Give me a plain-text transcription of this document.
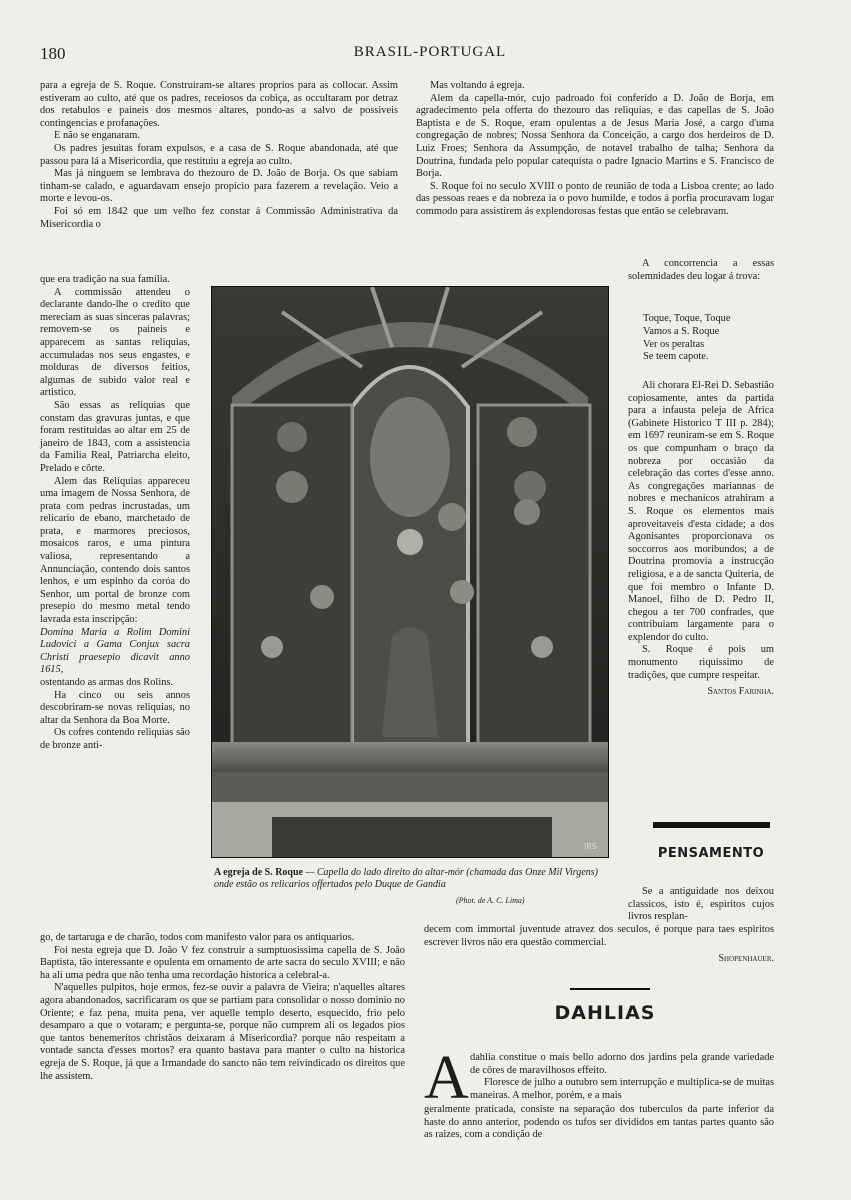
180	BRASIL-PORTUGAL

para a egreja de S. Roque. Construiram-se altares proprios para as collocar. Assim estiveram ao culto, até que os padres, receiosos da cobiça, as occultaram por detraz dos retabulos e paineis dos mesmos altares, pondo-as a salvo de possiveis contingencias e profanações.

E não se enganaram.

Os padres jesuitas foram expulsos, e a casa de S. Roque abandonada, até que passou para lá a Misericordia, que restituiu a egreja ao culto.

Mas já ninguem se lembrava do thezouro de D. João de Borja. Os que sabiam tinham-se calado, e aguardavam ensejo propicio para fazerem a revelação. Veio a morte e levou-os.

Foi só em 1842 que um velho fez constar á Commissão Administrativa da Misericordia o

que era tradição na sua familia.

A commissão attendeu o declarante dando-lhe o credito que mereciam as suas sinceras palavras; removem-se os paineis e apparecem as santas reliquias, accumuladas nos seus engastes, e molduras de diversos feitios, algumas de subido valor real e artistico.

São essas as reliquias que constam das gravuras juntas, e que foram restituidas ao altar em 25 de janeiro de 1843, com a assistencia da Familia Real, Patriarcha eleito, Prelado e côrte.

Alem das Reliquias appareceu uma imagem de Nossa Senhora, de prata com pedras incrustadas, um relicario de ebano, marchetado de prata, e marmores preciosos, mosaicos raros, e uma pintura valiosa, representando a Annunciação, contendo dois santos lenhos, e um espinho da coróa do Senhor, um portal de bronze com presepio do mesmo metal tendo lavrada esta inscripção:

Domina Maria a Rolim Domini Ludovici a Gama Conjux sacra Christi praesepio dicavit anno 1615,

ostentando as armas dos Rolins.

Ha cinco ou seis annos descobriram-se novas reliquias, no altar da Senhora da Boa Morte.

Os cofres contendo reliquias são de bronze anti-

go, de tartaruga e de charão, todos com manifesto valor para os antiquarios.

Foi nesta egreja que D. João V fez construir a sumptuosissima capella de S. João Baptista, tão interessante e opulenta em ornamento de arte sacra do seculo XVIII; e não ha ali uma pedra que não tenha uma recordação historica a celebral-a.

N'aquelles pulpitos, hoje ermos, fez-se ouvir a palavra de Vieira; n'aquelles altares agora abandonados, sacrificaram os que se partiam para consolidar o nosso dominio no Oriente; e faz pena, muita pena, ver aquelle templo deserto, esquecido, frio pelo desamparo a que o votaram; e pergunta-se, porque não cumprem ali os legados pios que tantos benemeritos christãos deixaram á Misericordia? porque não respeitam a vontade sancta d'esses mortos? era quanto bastava para manter o culto na historica egreja de S. Roque, já que a Irmandade do sancto não tem reivindicado os direitos que lhe assistem.

Mas voltando á egreja.

Alem da capella-mór, cujo padroado foi conferido a D. João de Borja, em agradecimento pela offerta do thezouro das reliquias, e das capellas de S. João Baptista e de S. Roque, eram opulentas a de Jesus Maria José, a cargo d'uma congregação de nobres; Nossa Senhora da Conceição, a cargo dos herdeiros de D. Luiz Froes; Senhora da Assumpção, de notavel trabalho de talha; Senhora da Doutrina, fundada pelo popular catequista o padre Ignacio Martins e S. Francisco de Borja.

S. Roque foi no seculo XVIII o ponto de reunião de toda a Lisboa crente; ao lado das pessoas reaes e da nobreza ia o povo humilde, e todos á porfia procuravam logar commodo para assistirem ás explendorosas festas que então se celebravam.

A concorrencia a essas solemnidades deu logar á trova:

Toque, Toque, Toque
Vamos a S. Roque
Ver os peraltas
Se teem capote.

Ali chorara El-Rei D. Sebastião copiosamente, antes da partida para a infausta peleja de Africa (Gabinete Historico T III p. 284); em 1697 reuniram-se em S. Roque os que compunham o braço da nobreza por occasião da celebração das cortes d'esse anno. As congregações mariannas de nobres e mechanicos atrahiram a S. Roque os elementos mais aproveitaveis d'esta cidade; a dos Agonisantes proporcionava os soccorros aos moribundos; a de Doutrina promovia a instrucção religiosa, e a de sancta Quiteria, de que foi membro o Infante D. Manoel, filho de D. Pedro II, chegou a ter 700 confrades, que contribuiam largamente para o explendor do culto.

S. Roque é pois um monumento riquissimo de tradições, que cumpre respeitar.

Santos Farinha.
IRS
A egreja de S. Roque — Capella do lado direito do altar-mór (chamada das Onze Mil Virgens) onde estão os relicarios offertados pelo Duque de Gandia
(Phot. de A. C. Lima)
PENSAMENTO

Se a antiguidade nos deixou classicos, isto é, espiritos cujos livros resplan-

decem com immortal juventude atravez dos seculos, é porque para taes espiritos escrever livros não era questão commercial.

Shopenhauer.
DAHLIAS
A dahlia constitue o mais bello adorno dos jardins pela grande variedade de côres de maravilhosos effeito.

Floresce de julho a outubro sem interrupção e multiplica-se de muitas maneiras. A melhor, porém, e a mais

geralmente praticada, consiste na separação dos tuberculos da parte inferior da haste do anno anterior, podendo os tufos ser divididos em tantas partes quanto são as raizes, com a condição de
